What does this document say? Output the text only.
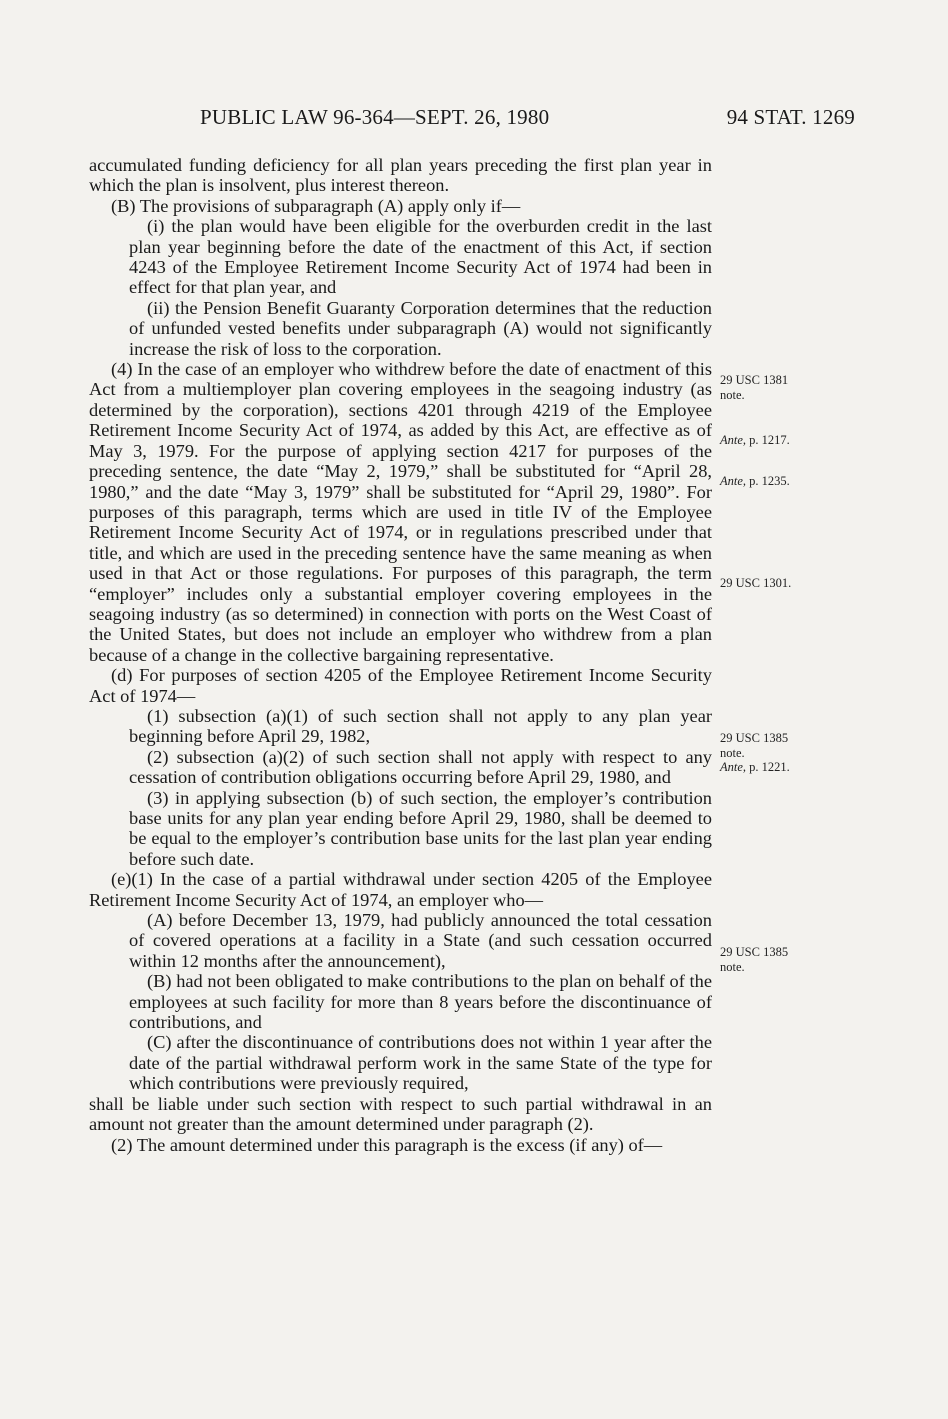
PUBLIC LAW 96-364—SEPT. 26, 1980	94 STAT. 1269

accumulated funding deficiency for all plan years preceding the first plan year in which the plan is insolvent, plus interest thereon.

(B) The provisions of subparagraph (A) apply only if—

(i) the plan would have been eligible for the overburden credit in the last plan year beginning before the date of the enactment of this Act, if section 4243 of the Employee Retirement Income Security Act of 1974 had been in effect for that plan year, and

(ii) the Pension Benefit Guaranty Corporation determines that the reduction of unfunded vested benefits under subparagraph (A) would not significantly increase the risk of loss to the corporation.

(4) In the case of an employer who withdrew before the date of enactment of this Act from a multiemployer plan covering employees in the seagoing industry (as determined by the corporation), sections 4201 through 4219 of the Employee Retirement Income Security Act of 1974, as added by this Act, are effective as of May 3, 1979. For the purpose of applying section 4217 for purposes of the preceding sentence, the date “May 2, 1979,” shall be substituted for “April 28, 1980,” and the date “May 3, 1979” shall be substituted for “April 29, 1980”. For purposes of this paragraph, terms which are used in title IV of the Employee Retirement Income Security Act of 1974, or in regulations prescribed under that title, and which are used in the preceding sentence have the same meaning as when used in that Act or those regulations. For purposes of this paragraph, the term “employer” includes only a substantial employer covering employees in the seagoing industry (as so determined) in connection with ports on the West Coast of the United States, but does not include an employer who withdrew from a plan because of a change in the collective bargaining representative.

(d) For purposes of section 4205 of the Employee Retirement Income Security Act of 1974—

(1) subsection (a)(1) of such section shall not apply to any plan year beginning before April 29, 1982,

(2) subsection (a)(2) of such section shall not apply with respect to any cessation of contribution obligations occurring before April 29, 1980, and

(3) in applying subsection (b) of such section, the employer’s contribution base units for any plan year ending before April 29, 1980, shall be deemed to be equal to the employer’s contribution base units for the last plan year ending before such date.

(e)(1) In the case of a partial withdrawal under section 4205 of the Employee Retirement Income Security Act of 1974, an employer who—

(A) before December 13, 1979, had publicly announced the total cessation of covered operations at a facility in a State (and such cessation occurred within 12 months after the announcement),

(B) had not been obligated to make contributions to the plan on behalf of the employees at such facility for more than 8 years before the discontinuance of contributions, and

(C) after the discontinuance of contributions does not within 1 year after the date of the partial withdrawal perform work in the same State of the type for which contributions were previously required,

shall be liable under such section with respect to such partial withdrawal in an amount not greater than the amount determined under paragraph (2).

(2) The amount determined under this paragraph is the excess (if any) of—

29 USC 1381
note.
Ante, p. 1217.
Ante, p. 1235.
29 USC 1301.
29 USC 1385
note.
Ante, p. 1221.
29 USC 1385
note.
